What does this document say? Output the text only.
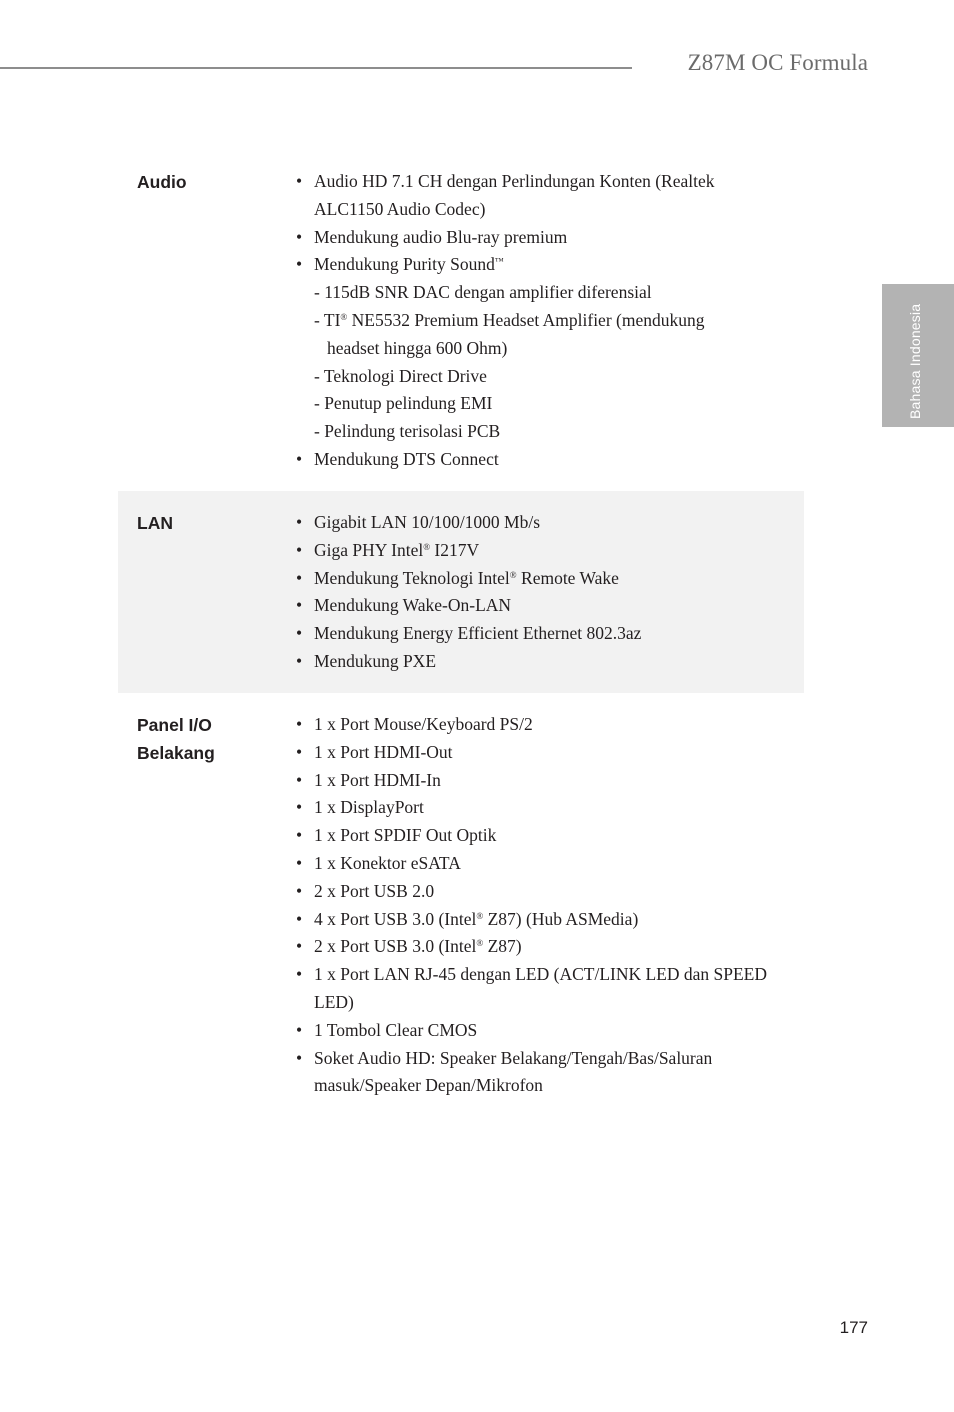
Z87M OC Formula
Bahasa Indonesia
Audio	• Audio HD 7.1 CH dengan Perlindungan Konten (Realtek
ALC1150 Audio Codec)
• Mendukung audio Blu-ray premium
• Mendukung Purity Sound™
- 115dB SNR DAC dengan amplifier diferensial
- TI® NE5532 Premium Headset Amplifier (mendukung
headset hingga 600 Ohm)
- Teknologi Direct Drive
- Penutup pelindung EMI
- Pelindung terisolasi PCB
• Mendukung DTS Connect
LAN	• Gigabit LAN 10/100/1000 Mb/s
• Giga PHY Intel® I217V
• Mendukung Teknologi Intel® Remote Wake
• Mendukung Wake-On-LAN
• Mendukung Energy Efficient Ethernet 802.3az
• Mendukung PXE
Panel I/O
Belakang
• 1 x Port Mouse/Keyboard PS/2
• 1 x Port HDMI-Out
• 1 x Port HDMI-In
• 1 x DisplayPort
• 1 x Port SPDIF Out Optik
• 1 x Konektor eSATA
• 2 x Port USB 2.0
• 4 x Port USB 3.0 (Intel® Z87) (Hub ASMedia)
• 2 x Port USB 3.0 (Intel® Z87)
• 1 x Port LAN RJ-45 dengan LED (ACT/LINK LED dan SPEED
LED)
• 1 Tombol Clear CMOS
• Soket Audio HD: Speaker Belakang/Tengah/Bas/Saluran
masuk/Speaker Depan/Mikrofon
177
